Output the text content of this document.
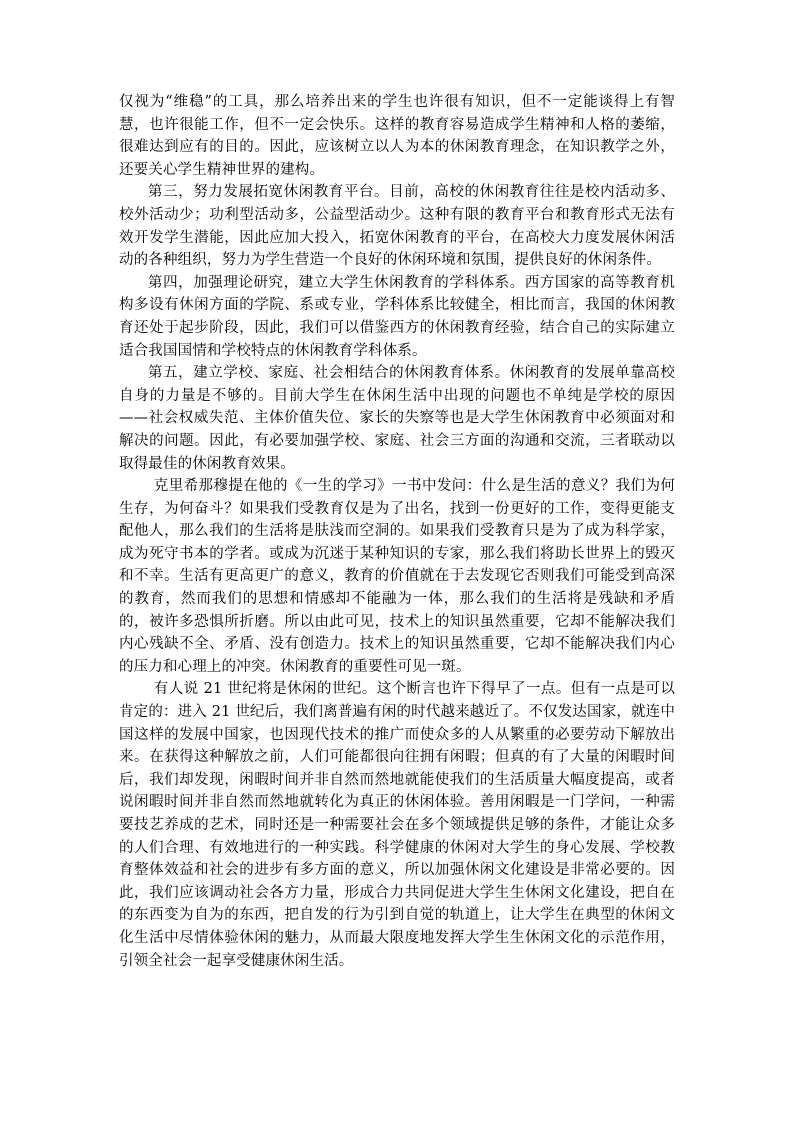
仅视为“维稳”的工具，那么培养出来的学生也许很有知识，但不一定能谈得上有智慧，也许很能工作，但不一定会快乐。这样的教育容易造成学生精神和人格的萎缩，很难达到应有的目的。因此，应该树立以人为本的休闲教育理念，在知识教学之外，还要关心学生精神世界的建构。

第三，努力发展拓宽休闲教育平台。目前，高校的休闲教育往往是校内活动多、校外活动少；功利型活动多，公益型活动少。这种有限的教育平台和教育形式无法有效开发学生潜能，因此应加大投入，拓宽休闲教育的平台，在高校大力度发展休闲活动的各种组织，努力为学生营造一个良好的休闲环境和氛围，提供良好的休闲条件。

第四，加强理论研究，建立大学生休闲教育的学科体系。西方国家的高等教育机构多设有休闲方面的学院、系或专业，学科体系比较健全，相比而言，我国的休闲教育还处于起步阶段，因此，我们可以借鉴西方的休闲教育经验，结合自己的实际建立适合我国国情和学校特点的休闲教育学科体系。

第五，建立学校、家庭、社会相结合的休闲教育体系。休闲教育的发展单靠高校自身的力量是不够的。目前大学生在休闲生活中出现的问题也不单纯是学校的原因——社会权威失范、主体价值失位、家长的失察等也是大学生休闲教育中必须面对和解决的问题。因此，有必要加强学校、家庭、社会三方面的沟通和交流，三者联动以取得最佳的休闲教育效果。

克里希那穆提在他的《一生的学习》一书中发问：什么是生活的意义？我们为何生存，为何奋斗？如果我们受教育仅是为了出名，找到一份更好的工作，变得更能支配他人，那么我们的生活将是肤浅而空洞的。如果我们受教育只是为了成为科学家，成为死守书本的学者。或成为沉迷于某种知识的专家，那么我们将助长世界上的毁灭和不幸。生活有更高更广的意义，教育的价值就在于去发现它否则我们可能受到高深的教育，然而我们的思想和情感却不能融为一体，那么我们的生活将是残缺和矛盾的，被许多恐惧所折磨。所以由此可见，技术上的知识虽然重要，它却不能解决我们内心残缺不全、矛盾、没有创造力。技术上的知识虽然重要，它却不能解决我们内心的压力和心理上的冲突。休闲教育的重要性可见一斑。

有人说 21 世纪将是休闲的世纪。这个断言也许下得早了一点。但有一点是可以肯定的：进入 21 世纪后，我们离普遍有闲的时代越来越近了。不仅发达国家，就连中国这样的发展中国家，也因现代技术的推广而使众多的人从繁重的必要劳动下解放出来。在获得这种解放之前，人们可能都很向往拥有闲暇；但真的有了大量的闲暇时间后，我们却发现，闲暇时间并非自然而然地就能使我们的生活质量大幅度提高，或者说闲暇时间并非自然而然地就转化为真正的休闲体验。善用闲暇是一门学问，一种需要技艺养成的艺术，同时还是一种需要社会在多个领域提供足够的条件，才能让众多的人们合理、有效地进行的一种实践。科学健康的休闲对大学生的身心发展、学校教育整体效益和社会的进步有多方面的意义，所以加强休闲文化建设是非常必要的。因此，我们应该调动社会各方力量，形成合力共同促进大学生生休闲文化建设，把自在的东西变为自为的东西，把自发的行为引到自觉的轨道上，让大学生在典型的休闲文化生活中尽情体验休闲的魅力，从而最大限度地发挥大学生生休闲文化的示范作用，引领全社会一起享受健康休闲生活。
